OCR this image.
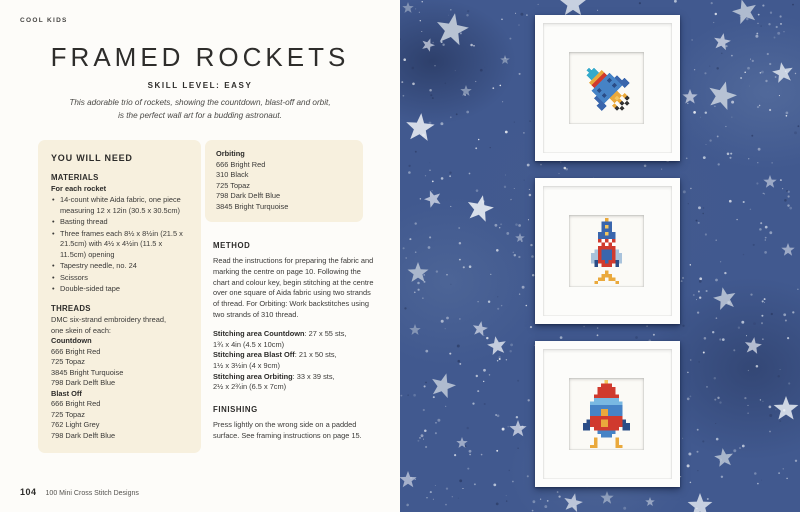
COOL KIDS
FRAMED ROCKETS
SKILL LEVEL: EASY
This adorable trio of rockets, showing the countdown, blast-off and orbit,
is the perfect wall art for a budding astronaut.
YOU WILL NEED
MATERIALS
For each rocket
• 14-count white Aida fabric, one piece measuring 12 x 12in (30.5 x 30.5cm)
• Basting thread
• Three frames each 8½ x 8½in (21.5 x 21.5cm) with 4½ x 4½in (11.5 x 11.5cm) opening
• Tapestry needle, no. 24
• Scissors
• Double-sided tape
THREADS
DMC six-strand embroidery thread,
one skein of each:
Countdown
666 Bright Red
725 Topaz
3845 Bright Turquoise
798 Dark Delft Blue
Blast Off
666 Bright Red
725 Topaz
762 Light Grey
798 Dark Delft Blue
Orbiting
666 Bright Red
310 Black
725 Topaz
798 Dark Delft Blue
3845 Bright Turquoise
METHOD
Read the instructions for preparing the fabric and marking the centre on page 10. Following the chart and colour key, begin stitching at the centre over one square of Aida fabric using two strands of thread. For Orbiting: Work backstitches using two strands of 310 thread.
Stitching area Countdown: 27 x 55 sts,
1¾ x 4in (4.5 x 10cm)
Stitching area Blast Off: 21 x 50 sts,
1½ x 3½in (4 x 9cm)
Stitching area Orbiting: 33 x 39 sts,
2½ x 2¾in (6.5 x 7cm)
FINISHING
Press lightly on the wrong side on a padded surface. See framing instructions on page 15.
104 100 Mini Cross Stitch Designs
